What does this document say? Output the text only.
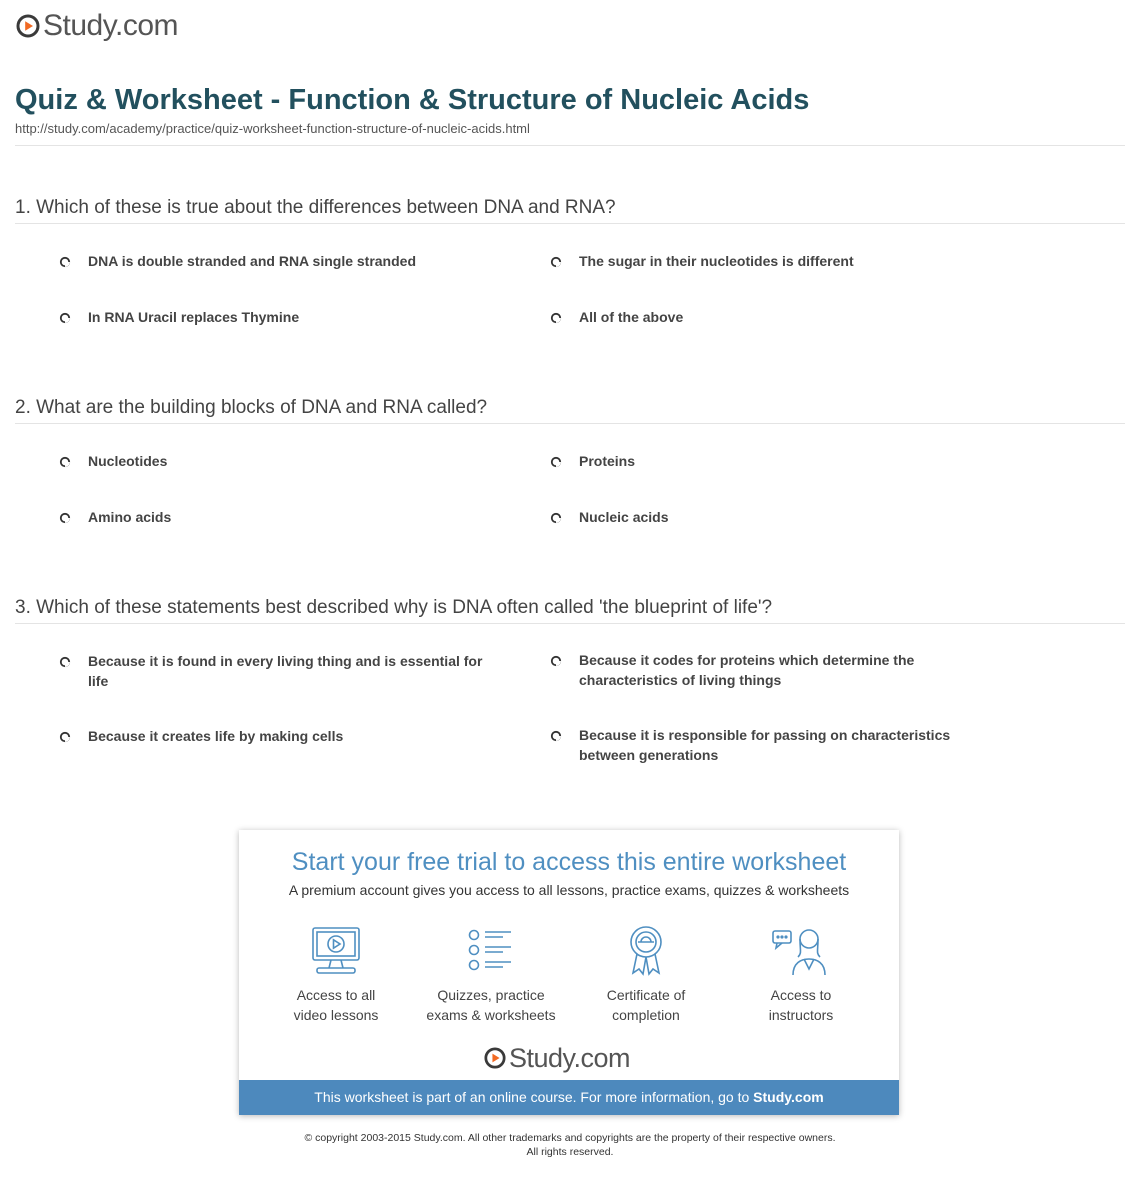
Study.com
Quiz & Worksheet - Function & Structure of Nucleic Acids
http://study.com/academy/practice/quiz-worksheet-function-structure-of-nucleic-acids.html
1. Which of these is true about the differences between DNA and RNA?
DNA is double stranded and RNA single stranded	The sugar in their nucleotides is different
In RNA Uracil replaces Thymine	All of the above
2. What are the building blocks of DNA and RNA called?
Nucleotides	Proteins
Amino acids	Nucleic acids
3. Which of these statements best described why is DNA often called 'the blueprint of life'?
Because it is found in every living thing and is essential for life
Because it codes for proteins which determine the characteristics of living things
Because it creates life by making cells	Because it is responsible for passing on characteristics between generations
Start your free trial to access this entire worksheet
A premium account gives you access to all lessons, practice exams, quizzes & worksheets
Access to all
video lessons
Quizzes, practice
exams & worksheets
Certificate of
completion
Access to
instructors
Study.com
This worksheet is part of an online course. For more information, go to Study.com
© copyright 2003-2015 Study.com. All other trademarks and copyrights are the property of their respective owners.
All rights reserved.
